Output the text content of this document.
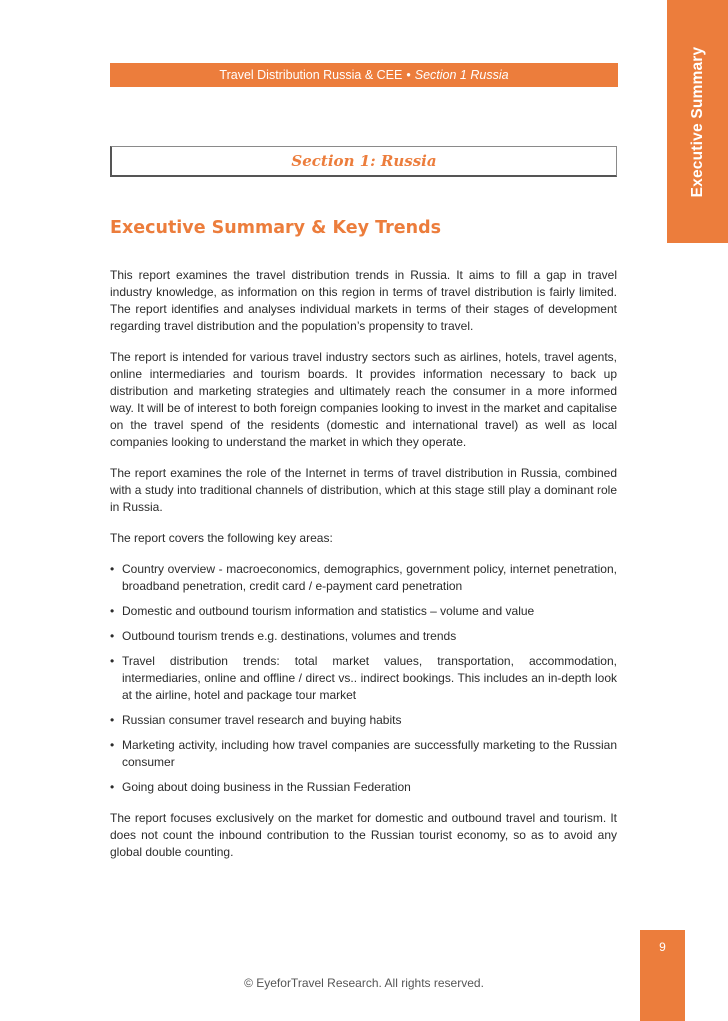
Executive Summary
Travel Distribution Russia & CEE • Section 1 Russia
Section 1: Russia
Executive Summary & Key Trends

This report examines the travel distribution trends in Russia. It aims to fill a gap in travel industry knowledge, as information on this region in terms of travel distribution is fairly limited. The report identifies and analyses individual markets in terms of their stages of development regarding travel distribution and the population’s propensity to travel.

The report is intended for various travel industry sectors such as airlines, hotels, travel agents, online intermediaries and tourism boards. It provides information necessary to back up distribution and marketing strategies and ultimately reach the consumer in a more informed way. It will be of interest to both foreign companies looking to invest in the market and capitalise on the travel spend of the residents (domestic and international travel) as well as local companies looking to understand the market in which they operate.

The report examines the role of the Internet in terms of travel distribution in Russia, combined with a study into traditional channels of distribution, which at this stage still play a dominant role in Russia.

The report covers the following key areas:

• Country overview - macroeconomics, demographics, government policy, internet penetration, broadband penetration, credit card / e-payment card penetration
• Domestic and outbound tourism information and statistics – volume and value
• Outbound tourism trends e.g. destinations, volumes and trends
• Travel distribution trends: total market values, transportation, accommodation, intermediaries, online and offline / direct vs.. indirect bookings. This includes an in-depth look at the airline, hotel and package tour market
• Russian consumer travel research and buying habits
• Marketing activity, including how travel companies are successfully marketing to the Russian consumer
• Going about doing business in the Russian Federation

The report focuses exclusively on the market for domestic and outbound travel and tourism. It does not count the inbound contribution to the Russian tourist economy, so as to avoid any global double counting.

9
© EyeforTravel Research. All rights reserved.
